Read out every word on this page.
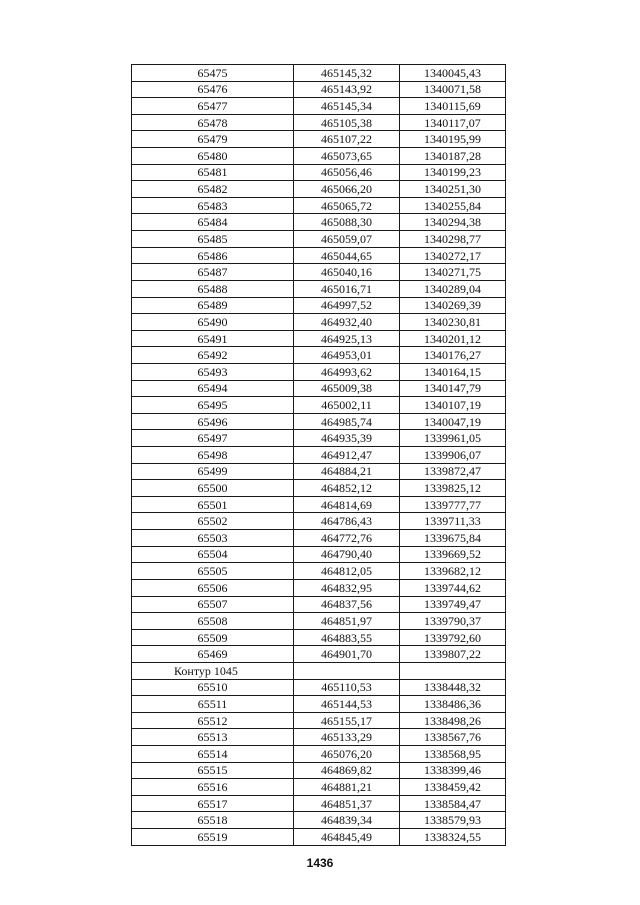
65475	465145,32	1340045,43
65476	465143,92	1340071,58
65477	465145,34	1340115,69
65478	465105,38	1340117,07
65479	465107,22	1340195,99
65480	465073,65	1340187,28
65481	465056,46	1340199,23
65482	465066,20	1340251,30
65483	465065,72	1340255,84
65484	465088,30	1340294,38
65485	465059,07	1340298,77
65486	465044,65	1340272,17
65487	465040,16	1340271,75
65488	465016,71	1340289,04
65489	464997,52	1340269,39
65490	464932,40	1340230,81
65491	464925,13	1340201,12
65492	464953,01	1340176,27
65493	464993,62	1340164,15
65494	465009,38	1340147,79
65495	465002,11	1340107,19
65496	464985,74	1340047,19
65497	464935,39	1339961,05
65498	464912,47	1339906,07
65499	464884,21	1339872,47
65500	464852,12	1339825,12
65501	464814,69	1339777,77
65502	464786,43	1339711,33
65503	464772,76	1339675,84
65504	464790,40	1339669,52
65505	464812,05	1339682,12
65506	464832,95	1339744,62
65507	464837,56	1339749,47
65508	464851,97	1339790,37
65509	464883,55	1339792,60
65469	464901,70	1339807,22
Контур 1045		
65510	465110,53	1338448,32
65511	465144,53	1338486,36
65512	465155,17	1338498,26
65513	465133,29	1338567,76
65514	465076,20	1338568,95
65515	464869,82	1338399,46
65516	464881,21	1338459,42
65517	464851,37	1338584,47
65518	464839,34	1338579,93
65519	464845,49	1338324,55
1436
